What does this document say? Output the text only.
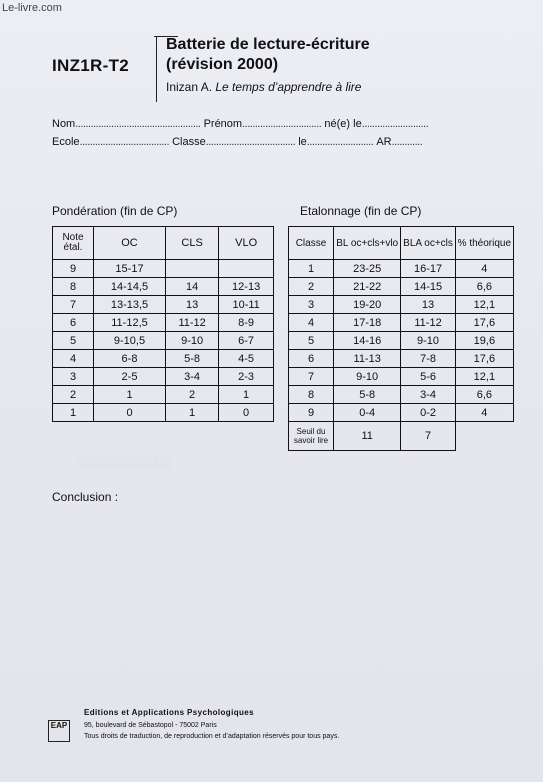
Le-livre.com
INZ1R-T2
Batterie de lecture-écriture
(révision 2000)
Inizan A. Le temps d’apprendre à lire
Nom................................................. Prénom............................... né(e) le..........................
Ecole................................... Classe................................... le.......................... AR............
Pondération (fin de CP)	Etalonnage (fin de CP)
Note étal.	OC	CLS	VLO
9	15-17		
8	14-14,5	14	12-13
7	13-13,5	13	10-11
6	11-12,5	11-12	8-9
5	9-10,5	9-10	6-7
4	6-8	5-8	4-5
3	2-5	3-4	2-3
2	1	2	1
1	0	1	0
Classe	BL oc+cls+vlo	BLA oc+cls	% théorique
1	23-25	16-17	4
2	21-22	14-15	6,6
3	19-20	13	12,1
4	17-18	11-12	17,6
5	14-16	9-10	19,6
6	11-13	7-8	17,6
7	9-10	5-6	12,1
8	5-8	3-4	6,6
9	0-4	0-2	4
Seuil du savoir lire	11	7	
░░░░░░░░░░░
Conclusion :
EAP
Editions et Applications Psychologiques
95, boulevard de Sébastopol - 75002 Paris
Tous droits de traduction, de reproduction et d’adaptation réservés pour tous pays.
